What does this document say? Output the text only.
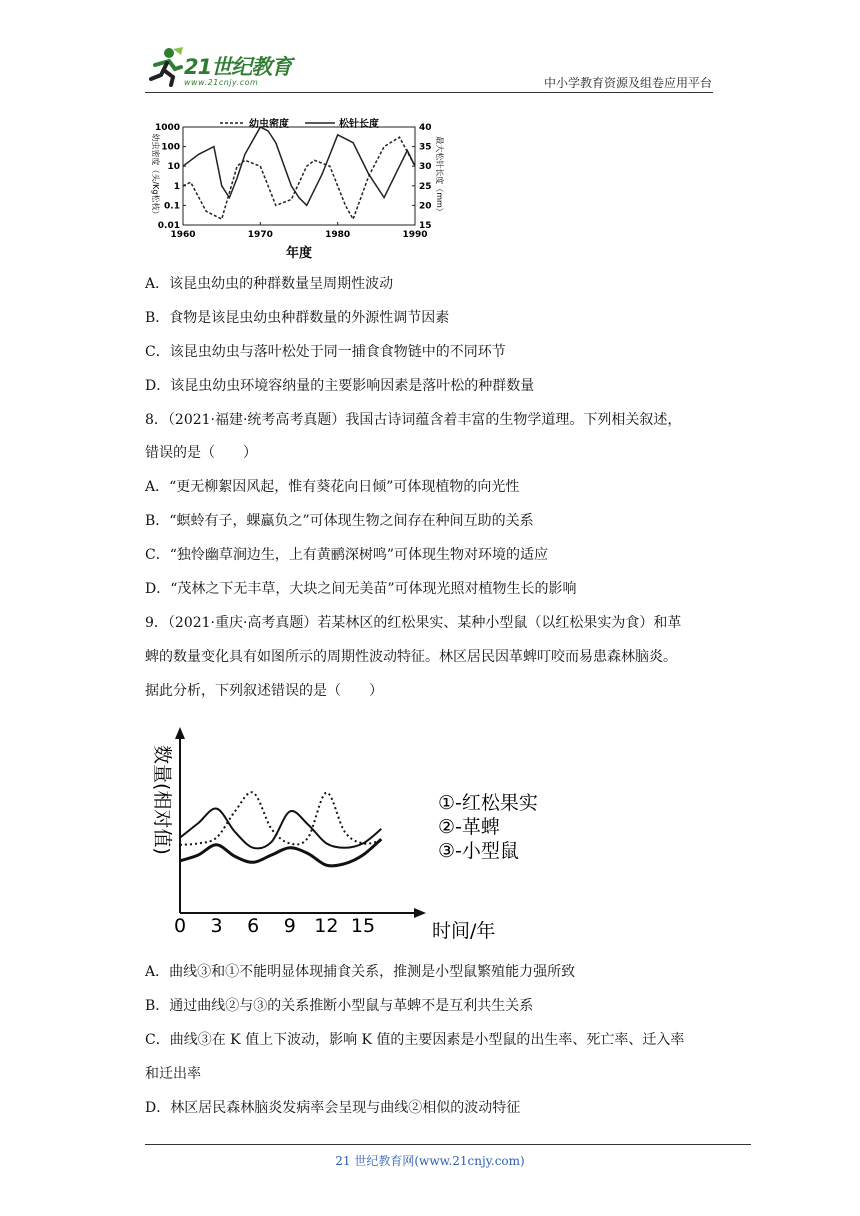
21世纪教育
www.21cnjy.com	中小学教育资源及组卷应用平台
1000
100
10
1
0.1
0.01
40
35
30
25
20
15
1960	1970	1980	1990
幼虫密度	松针长度
幼虫密度（头/Kg松枝）	最大松针长度（mm）
年度
A．该昆虫幼虫的种群数量呈周期性波动
B．食物是该昆虫幼虫种群数量的外源性调节因素
C．该昆虫幼虫与落叶松处于同一捕食食物链中的不同环节
D．该昆虫幼虫环境容纳量的主要影响因素是落叶松的种群数量
8．（2021·福建·统考高考真题）我国古诗词蕴含着丰富的生物学道理。下列相关叙述，
错误的是（　　）
A．“更无柳絮因风起，惟有葵花向日倾”可体现植物的向光性
B．“螟蛉有子，蜾蠃负之”可体现生物之间存在种间互助的关系
C．“独怜幽草涧边生，上有黄鹂深树鸣”可体现生物对环境的适应
D．“茂林之下无丰草，大块之间无美苗”可体现光照对植物生长的影响
9．（2021·重庆·高考真题）若某林区的红松果实、某种小型鼠（以红松果实为食）和革
蜱的数量变化具有如图所示的周期性波动特征。林区居民因革蜱叮咬而易患森林脑炎。
据此分析，下列叙述错误的是（　　）
数量(相对值)
时间/年
0 3 6 9 12 15
①-红松果实
②-革蜱
③-小型鼠
A．曲线③和①不能明显体现捕食关系，推测是小型鼠繁殖能力强所致
B．通过曲线②与③的关系推断小型鼠与革蜱不是互利共生关系
C．曲线③在 K 值上下波动，影响 K 值的主要因素是小型鼠的出生率、死亡率、迁入率
和迁出率
D．林区居民森林脑炎发病率会呈现与曲线②相似的波动特征
21 世纪教育网(www.21cnjy.com)
